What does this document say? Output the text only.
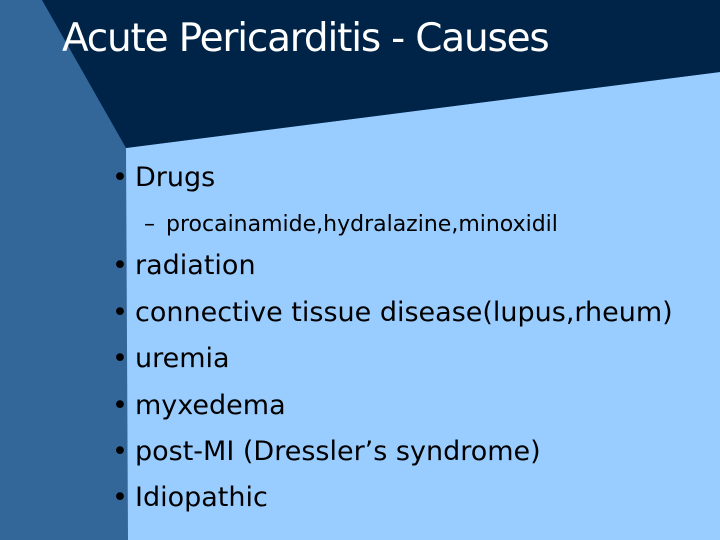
Acute Pericarditis - Causes
• Drugs
– procainamide,hydralazine,minoxidil
• radiation
• connective tissue disease(lupus,rheum)
• uremia
• myxedema
• post-MI (Dressler’s syndrome)
• Idiopathic
